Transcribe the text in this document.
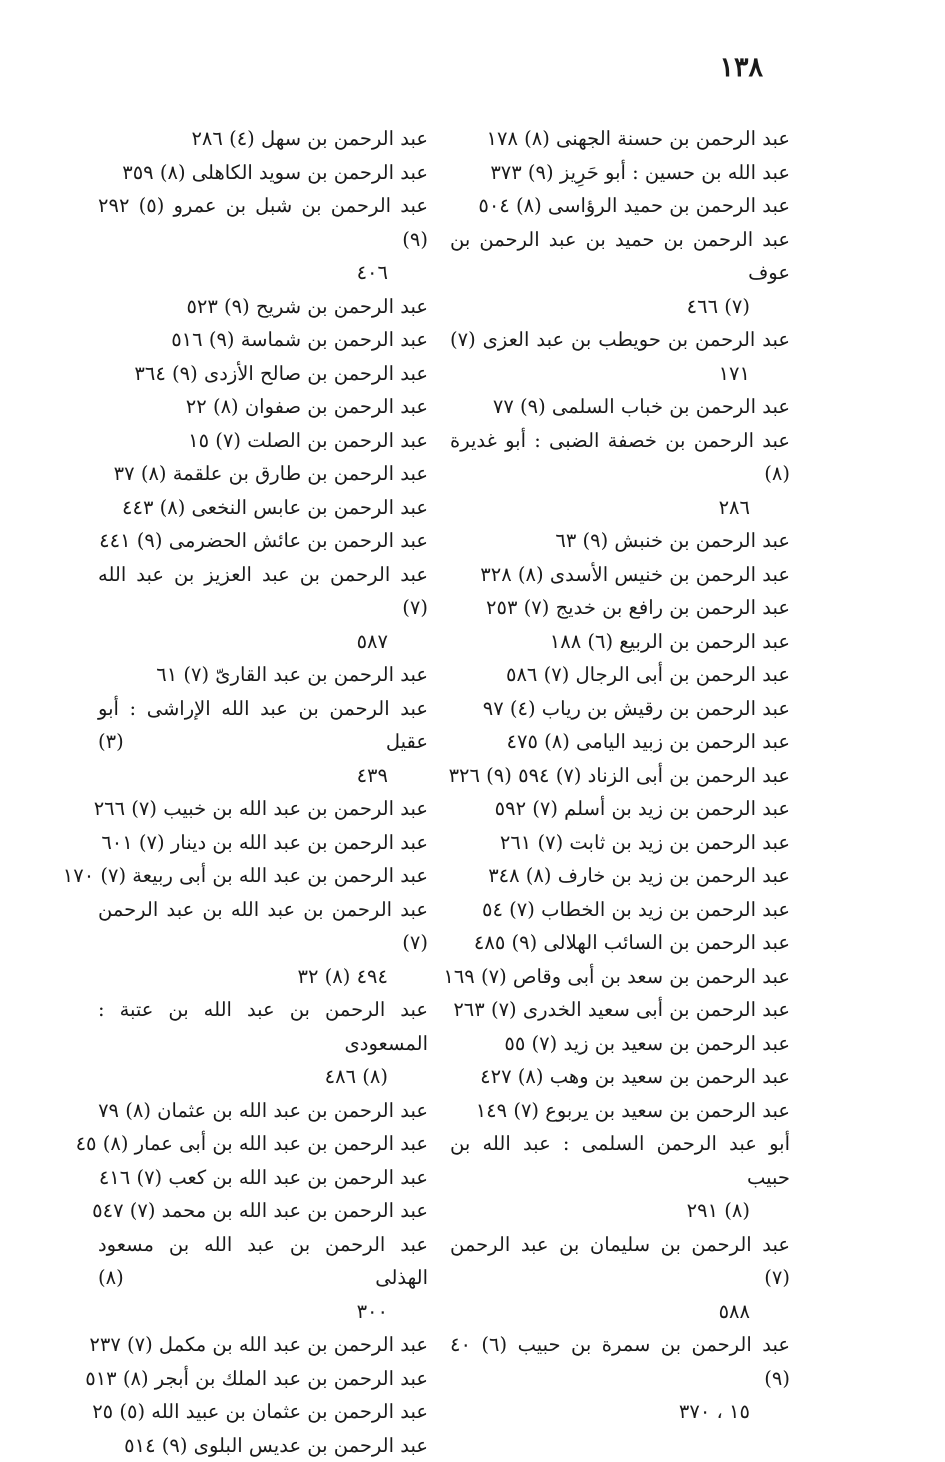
١٣٨
عبد الرحمن بن حسنة الجهنى (٨) ١٧٨
عبد الله بن حسين : أبو حَرِيز (٩) ٣٧٣
عبد الرحمن بن حميد الرؤاسى (٨) ٥٠٤
عبد الرحمن بن حميد بن عبد الرحمن بن عوف
(٧) ٤٦٦
عبد الرحمن بن حويطب بن عبد العزى (٧)
١٧١
عبد الرحمن بن خباب السلمى (٩) ٧٧
عبد الرحمن بن خصفة الضبى : أبو غديرة (٨)
٢٨٦
عبد الرحمن بن خنبش (٩) ٦٣
عبد الرحمن بن خنيس الأسدى (٨) ٣٢٨
عبد الرحمن بن رافع بن خديج (٧) ٢٥٣
عبد الرحمن بن الربيع (٦) ١٨٨
عبد الرحمن بن أبى الرجال (٧) ٥٨٦
عبد الرحمن بن رقيش بن رياب (٤) ٩٧
عبد الرحمن بن زبيد اليامى (٨) ٤٧٥
عبد الرحمن بن أبى الزناد (٧) ٥٩٤ (٩) ٣٢٦
عبد الرحمن بن زيد بن أسلم (٧) ٥٩٢
عبد الرحمن بن زيد بن ثابت (٧) ٢٦١
عبد الرحمن بن زيد بن خارف (٨) ٣٤٨
عبد الرحمن بن زيد بن الخطاب (٧) ٥٤
عبد الرحمن بن السائب الهلالى (٩) ٤٨٥
عبد الرحمن بن سعد بن أبى وقاص (٧) ١٦٩
عبد الرحمن بن أبى سعيد الخدرى (٧) ٢٦٣
عبد الرحمن بن سعيد بن زيد (٧) ٥٥
عبد الرحمن بن سعيد بن وهب (٨) ٤٢٧
عبد الرحمن بن سعيد بن يربوع (٧) ١٤٩
أبو عبد الرحمن السلمى : عبد الله بن حبيب
(٨) ٢٩١
عبد الرحمن بن سليمان بن عبد الرحمن (٧)
٥٨٨
عبد الرحمن بن سمرة بن حبيب (٦) ٤٠ (٩)
١٥ ، ٣٧٠
عبد الرحمن بن سهل (٤) ٢٨٦
عبد الرحمن بن سويد الكاهلى (٨) ٣٥٩
عبد الرحمن بن شبل بن عمرو (٥) ٢٩٢ (٩)
٤٠٦
عبد الرحمن بن شريح (٩) ٥٢٣
عبد الرحمن بن شماسة (٩) ٥١٦
عبد الرحمن بن صالح الأزدى (٩) ٣٦٤
عبد الرحمن بن صفوان (٨) ٢٢
عبد الرحمن بن الصلت (٧) ١٥
عبد الرحمن بن طارق بن علقمة (٨) ٣٧
عبد الرحمن بن عابس النخعى (٨) ٤٤٣
عبد الرحمن بن عائش الحضرمى (٩) ٤٤١
عبد الرحمن بن عبد العزيز بن عبد الله (٧)
٥٨٧
عبد الرحمن بن عبد القارىّ (٧) ٦١
عبد الرحمن بن عبد الله الإراشى : أبو عقيل (٣)
٤٣٩
عبد الرحمن بن عبد الله بن خبيب (٧) ٢٦٦
عبد الرحمن بن عبد الله بن دينار (٧) ٦٠١
عبد الرحمن بن عبد الله بن أبى ربيعة (٧) ١٧٠
عبد الرحمن بن عبد الله بن عبد الرحمن (٧)
٤٩٤ (٨) ٣٢
عبد الرحمن بن عبد الله بن عتبة : المسعودى
(٨) ٤٨٦
عبد الرحمن بن عبد الله بن عثمان (٨) ٧٩
عبد الرحمن بن عبد الله بن أبى عمار (٨) ٤٥
عبد الرحمن بن عبد الله بن كعب (٧) ٤١٦
عبد الرحمن بن عبد الله بن محمد (٧) ٥٤٧
عبد الرحمن بن عبد الله بن مسعود الهذلى (٨)
٣٠٠
عبد الرحمن بن عبد الله بن مكمل (٧) ٢٣٧
عبد الرحمن بن عبد الملك بن أبجر (٨) ٥١٣
عبد الرحمن بن عثمان بن عبيد الله (٥) ٢٥
عبد الرحمن بن عديس البلوى (٩) ٥١٤
